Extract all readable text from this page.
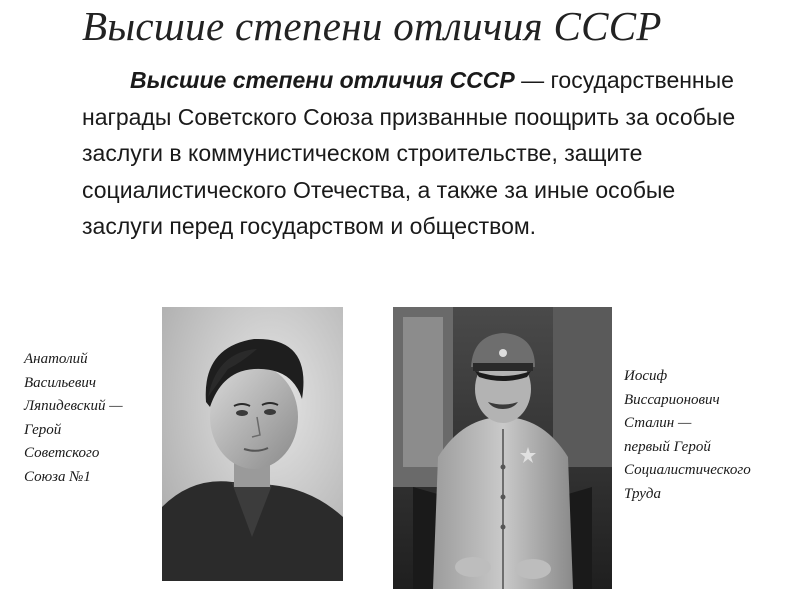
Высшие степени отличия СССР

Высшие степени отличия СССР — государственные награды Советского Союза призванные поощрить за особые заслуги в коммунистическом строительстве, защите социалистического Отечества, а также за иные особые заслуги перед государством и обществом.

Анатолий
Васильевич
Ляпидевский —
Герой
Советского
Союза №1
Иосиф
Виссарионович
Сталин —
первый Герой
Социалистического
Труда
